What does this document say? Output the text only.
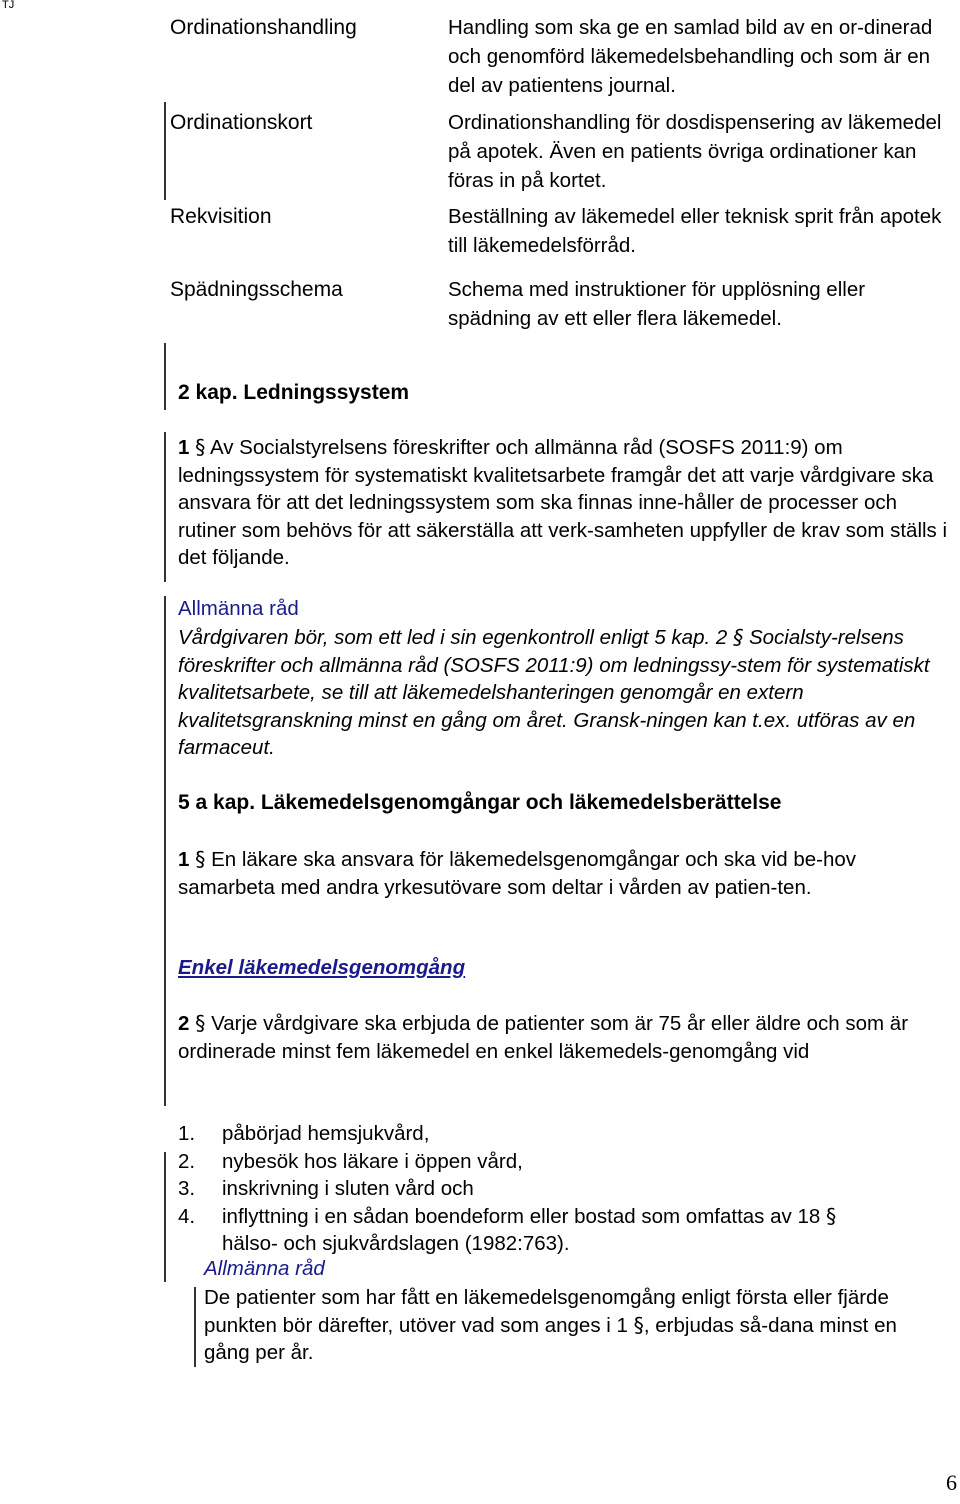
TJ
Ordinationshandling	Handling som ska ge en samlad bild av en or-dinerad och genomförd läkemedelsbehandling och som är en del av patientens journal.
Ordinationskort	Ordinationshandling för dosdispensering av läkemedel på apotek. Även en patients övriga ordinationer kan föras in på kortet.
Rekvisition	Beställning av läkemedel eller teknisk sprit från apotek till läkemedelsförråd.
Spädningsschema	Schema med instruktioner för upplösning eller spädning av ett eller flera läkemedel.
2 kap. Ledningssystem

1 § Av Socialstyrelsens föreskrifter och allmänna råd (SOSFS 2011:9) om ledningssystem för systematiskt kvalitetsarbete framgår det att varje vårdgivare ska ansvara för att det ledningssystem som ska finnas inne-håller de processer och rutiner som behövs för att säkerställa att verk-samheten uppfyller de krav som ställs i det följande.

Allmänna råd

Vårdgivaren bör, som ett led i sin egenkontroll enligt 5 kap. 2 § Socialsty-relsens föreskrifter och allmänna råd (SOSFS 2011:9) om ledningssy-stem för systematiskt kvalitetsarbete, se till att läkemedelshanteringen genomgår en extern kvalitetsgranskning minst en gång om året. Gransk-ningen kan t.ex. utföras av en farmaceut.

5 a kap. Läkemedelsgenomgångar och läkemedelsberättelse

1 § En läkare ska ansvara för läkemedelsgenomgångar och ska vid be-hov samarbeta med andra yrkesutövare som deltar i vården av patien-ten.

Enkel läkemedelsgenomgång

2 § Varje vårdgivare ska erbjuda de patienter som är 75 år eller äldre och som är ordinerade minst fem läkemedel en enkel läkemedels-genomgång vid

1. påbörjad hemsjukvård,
2. nybesök hos läkare i öppen vård,
3. inskrivning i sluten vård och
4. inflyttning i en sådan boendeform eller bostad som omfattas av 18 §
hälso- och sjukvårdslagen (1982:763).
Allmänna råd

De patienter som har fått en läkemedelsgenomgång enligt första eller fjärde punkten bör därefter, utöver vad som anges i 1 §, erbjudas så-dana minst en gång per år.

6
